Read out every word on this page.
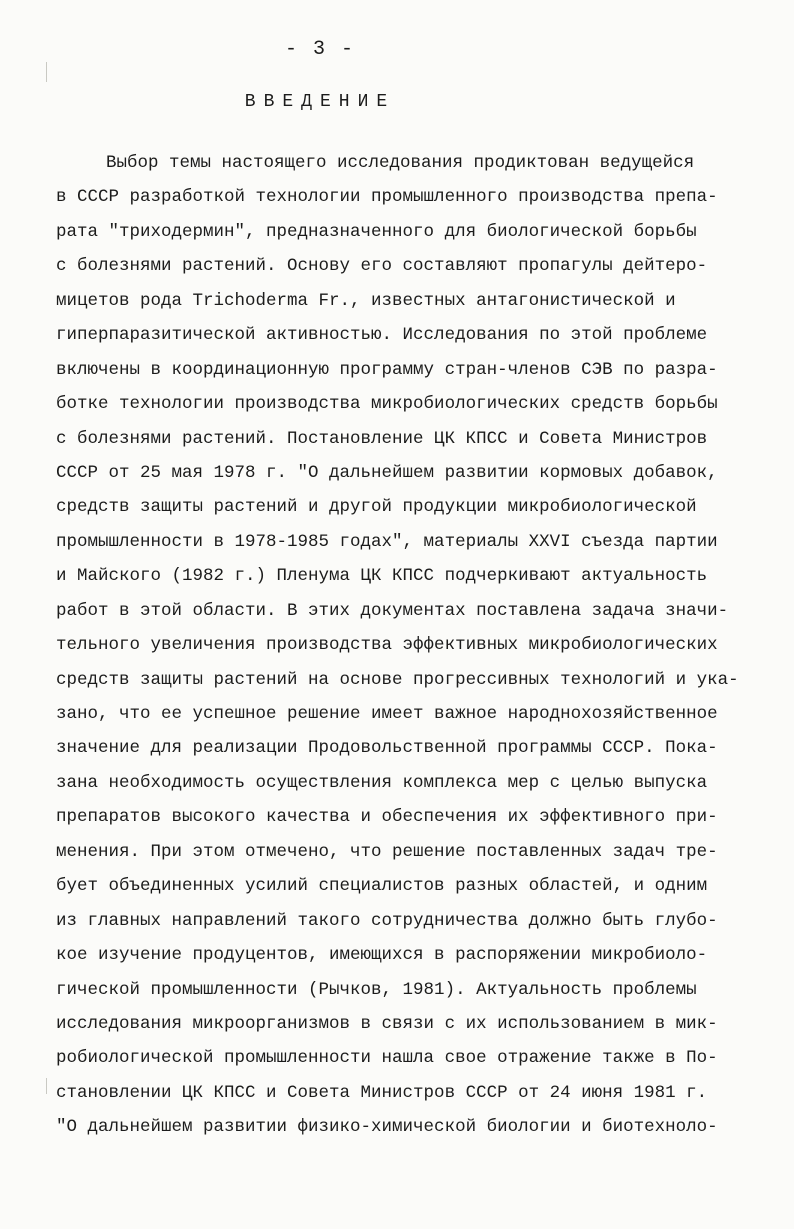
- 3 -
ВВЕДЕНИЕ
Выбор темы настоящего исследования продиктован ведущейся
в СССР разработкой технологии промышленного производства препа-
рата "триходермин", предназначенного для биологической борьбы
с болезнями растений. Основу его составляют пропагулы дейтеро-
мицетов рода Trichoderma Fr., известных антагонистической и
гиперпаразитической активностью. Исследования по этой проблеме
включены в координационную программу стран-членов СЭВ по разра-
ботке технологии производства микробиологических средств борьбы
с болезнями растений. Постановление ЦК КПСС и Совета Министров
СССР от 25 мая 1978 г. "О дальнейшем развитии кормовых добавок,
средств защиты растений и другой продукции микробиологической
промышленности в 1978-1985 годах", материалы XXVI съезда партии
и Майского (1982 г.) Пленума ЦК КПСС подчеркивают актуальность
работ в этой области. В этих документах поставлена задача значи-
тельного увеличения производства эффективных микробиологических
средств защиты растений на основе прогрессивных технологий и ука-
зано, что ее успешное решение имеет важное народнохозяйственное
значение для реализации Продовольственной программы СССР. Пока-
зана необходимость осуществления комплекса мер с целью выпуска
препаратов высокого качества и обеспечения их эффективного при-
менения. При этом отмечено, что решение поставленных задач тре-
бует объединенных усилий специалистов разных областей, и одним
из главных направлений такого сотрудничества должно быть глубо-
кое изучение продуцентов, имеющихся в распоряжении микробиоло-
гической промышленности (Рычков, 1981). Актуальность проблемы
исследования микроорганизмов в связи с их использованием в мик-
робиологической промышленности нашла свое отражение также в По-
становлении ЦК КПСС и Совета Министров СССР от 24 июня 1981 г.
"О дальнейшем развитии физико-химической биологии и биотехноло-
